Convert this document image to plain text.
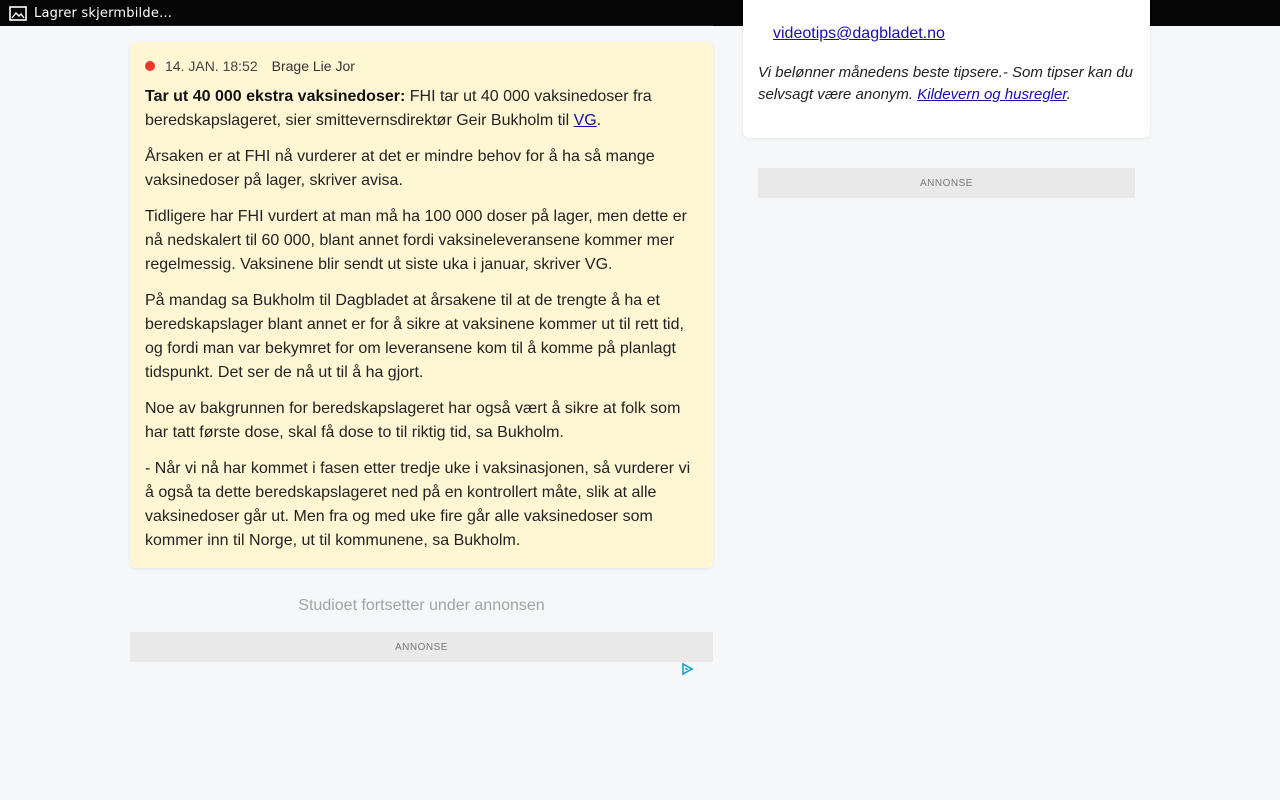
Lagrer skjermbilde…
videotips@dagbladet.no
Vi belønner månedens beste tipsere.- Som tipser kan du selvsagt være anonym. Kildevern og husregler.
ANNONSE
14. JAN. 18:52 Brage Lie Jor

Tar ut 40 000 ekstra vaksinedoser: FHI tar ut 40 000 vaksinedoser fra beredskapslageret, sier smittevernsdirektør Geir Bukholm til VG.

Årsaken er at FHI nå vurderer at det er mindre behov for å ha så mange vaksinedoser på lager, skriver avisa.

Tidligere har FHI vurdert at man må ha 100 000 doser på lager, men dette er nå nedskalert til 60 000, blant annet fordi vaksineleveransene kommer mer regelmessig. Vaksinene blir sendt ut siste uka i januar, skriver VG.

På mandag sa Bukholm til Dagbladet at årsakene til at de trengte å ha et beredskapslager blant annet er for å sikre at vaksinene kommer ut til rett tid, og fordi man var bekymret for om leveransene kom til å komme på planlagt tidspunkt. Det ser de nå ut til å ha gjort.

Noe av bakgrunnen for beredskapslageret har også vært å sikre at folk som har tatt første dose, skal få dose to til riktig tid, sa Bukholm.

- Når vi nå har kommet i fasen etter tredje uke i vaksinasjonen, så vurderer vi å også ta dette beredskapslageret ned på en kontrollert måte, slik at alle vaksinedoser går ut. Men fra og med uke fire går alle vaksinedoser som kommer inn til Norge, ut til kommunene, sa Bukholm.

Studioet fortsetter under annonsen
ANNONSE
